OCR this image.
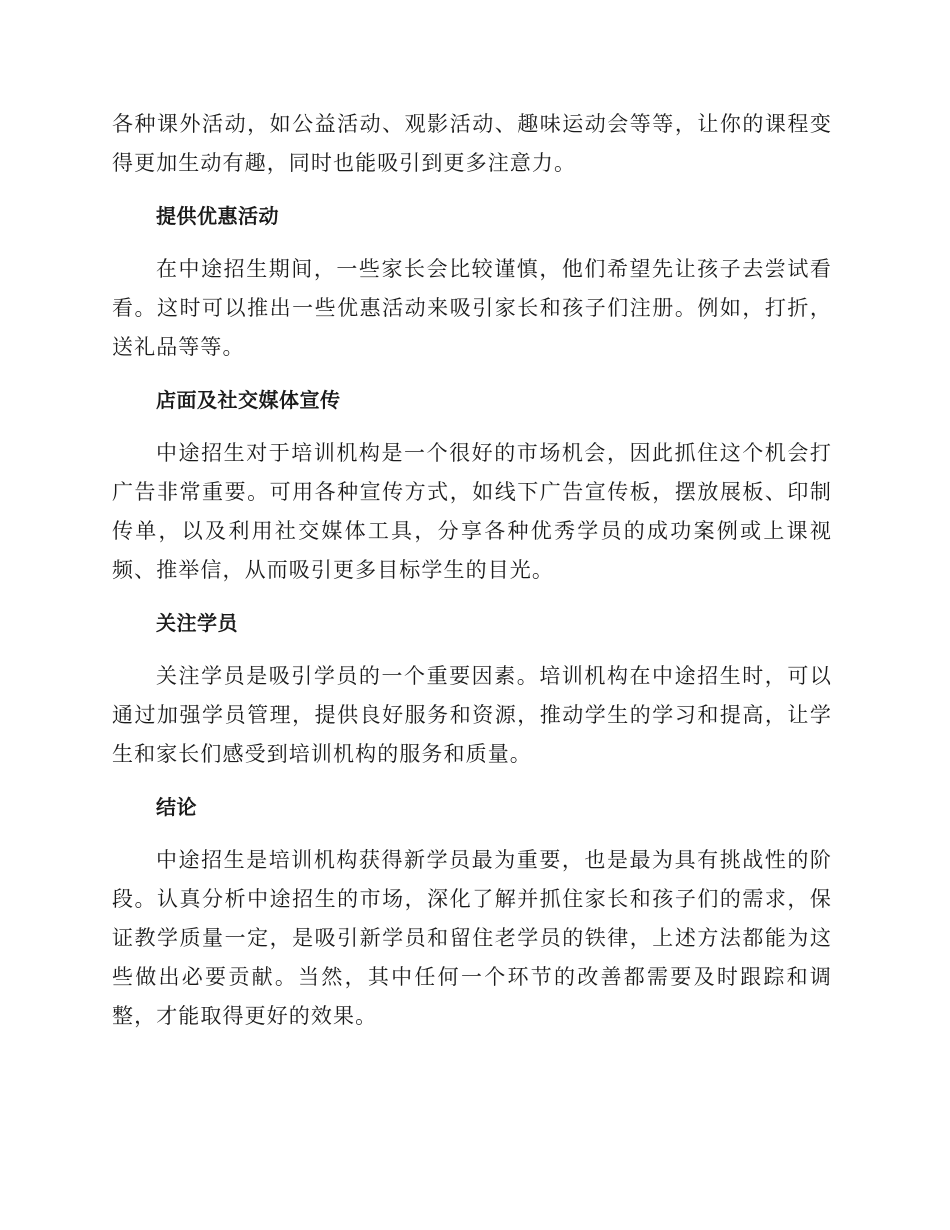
各种课外活动，如公益活动、观影活动、趣味运动会等等，让你的课程变得更加生动有趣，同时也能吸引到更多注意力。

提供优惠活动

在中途招生期间，一些家长会比较谨慎，他们希望先让孩子去尝试看看。这时可以推出一些优惠活动来吸引家长和孩子们注册。例如，打折，送礼品等等。

店面及社交媒体宣传

中途招生对于培训机构是一个很好的市场机会，因此抓住这个机会打广告非常重要。可用各种宣传方式，如线下广告宣传板，摆放展板、印制传单，以及利用社交媒体工具，分享各种优秀学员的成功案例或上课视频、推举信，从而吸引更多目标学生的目光。

关注学员

关注学员是吸引学员的一个重要因素。培训机构在中途招生时，可以通过加强学员管理，提供良好服务和资源，推动学生的学习和提高，让学生和家长们感受到培训机构的服务和质量。

结论

中途招生是培训机构获得新学员最为重要，也是最为具有挑战性的阶段。认真分析中途招生的市场，深化了解并抓住家长和孩子们的需求，保证教学质量一定，是吸引新学员和留住老学员的铁律，上述方法都能为这些做出必要贡献。当然，其中任何一个环节的改善都需要及时跟踪和调整，才能取得更好的效果。
